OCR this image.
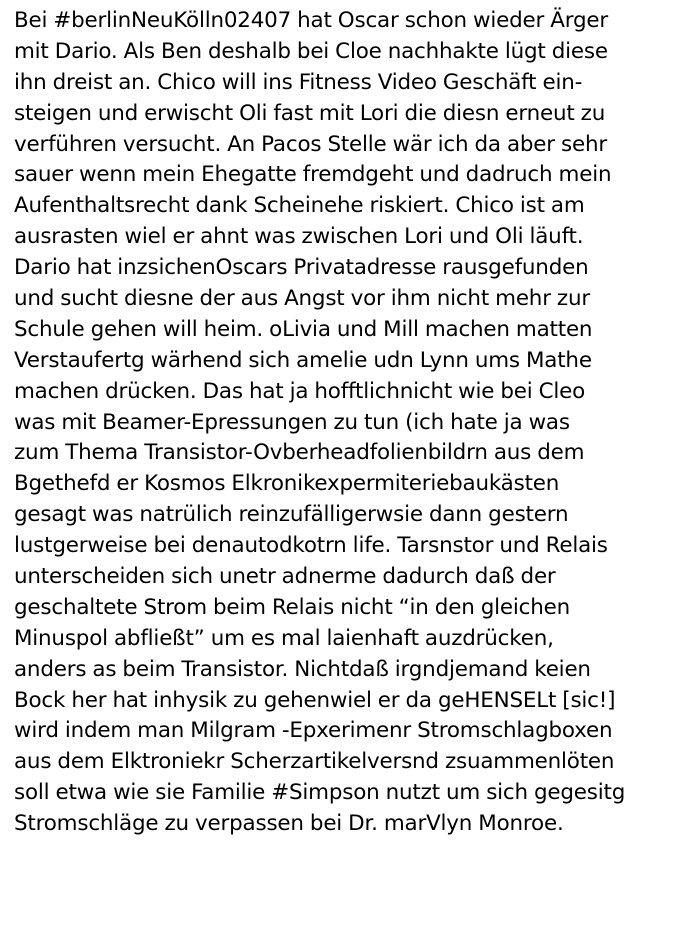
Bei #berlinNeuKölln02407 hat Oscar schon wieder Ärger

mit Dario. Als Ben deshalb bei Cloe nachhakte lügt diese

ihn dreist an. Chico will ins Fitness Video Geschäft ein-

steigen und erwischt Oli fast mit Lori die diesn erneut zu

verführen versucht. An Pacos Stelle wär ich da aber sehr

sauer wenn mein Ehegatte fremdgeht und dadruch mein

Aufenthaltsrecht dank Scheinehe riskiert. Chico ist am

ausrasten wiel er ahnt was zwischen Lori und Oli läuft.

Dario hat inzsichenOscars Privatadresse rausgefunden

und sucht diesne der aus Angst vor ihm nicht mehr zur

Schule gehen will heim. oLivia und Mill machen matten

Verstaufertg wärhend sich amelie udn Lynn ums Mathe

machen drücken. Das hat ja hofftlichnicht wie bei Cleo

was mit Beamer-Epressungen zu tun (ich hate ja was

zum Thema Transistor-Ovberheadfolienbildrn aus dem

Bgethefd er Kosmos Elkronikexpermiteriebaukästen

gesagt was natrülich reinzufälligerwsie dann gestern

lustgerweise bei denautodkotrn life. Tarsnstor und Relais

unterscheiden sich unetr adnerme dadurch daß der

geschaltete Strom beim Relais nicht “in den gleichen

Minuspol abfließt” um es mal laienhaft auzdrücken,

anders as beim Transistor. Nichtdaß irgndjemand keien

Bock her hat inhysik zu gehenwiel er da geHENSELt [sic!]

wird indem man Milgram -Epxerimenr Stromschlagboxen

aus dem Elktroniekr Scherzartikelversnd zsuammenlöten

soll etwa wie sie Familie #Simpson nutzt um sich gegesitg

Stromschläge zu verpassen bei Dr. marVlyn Monroe.
